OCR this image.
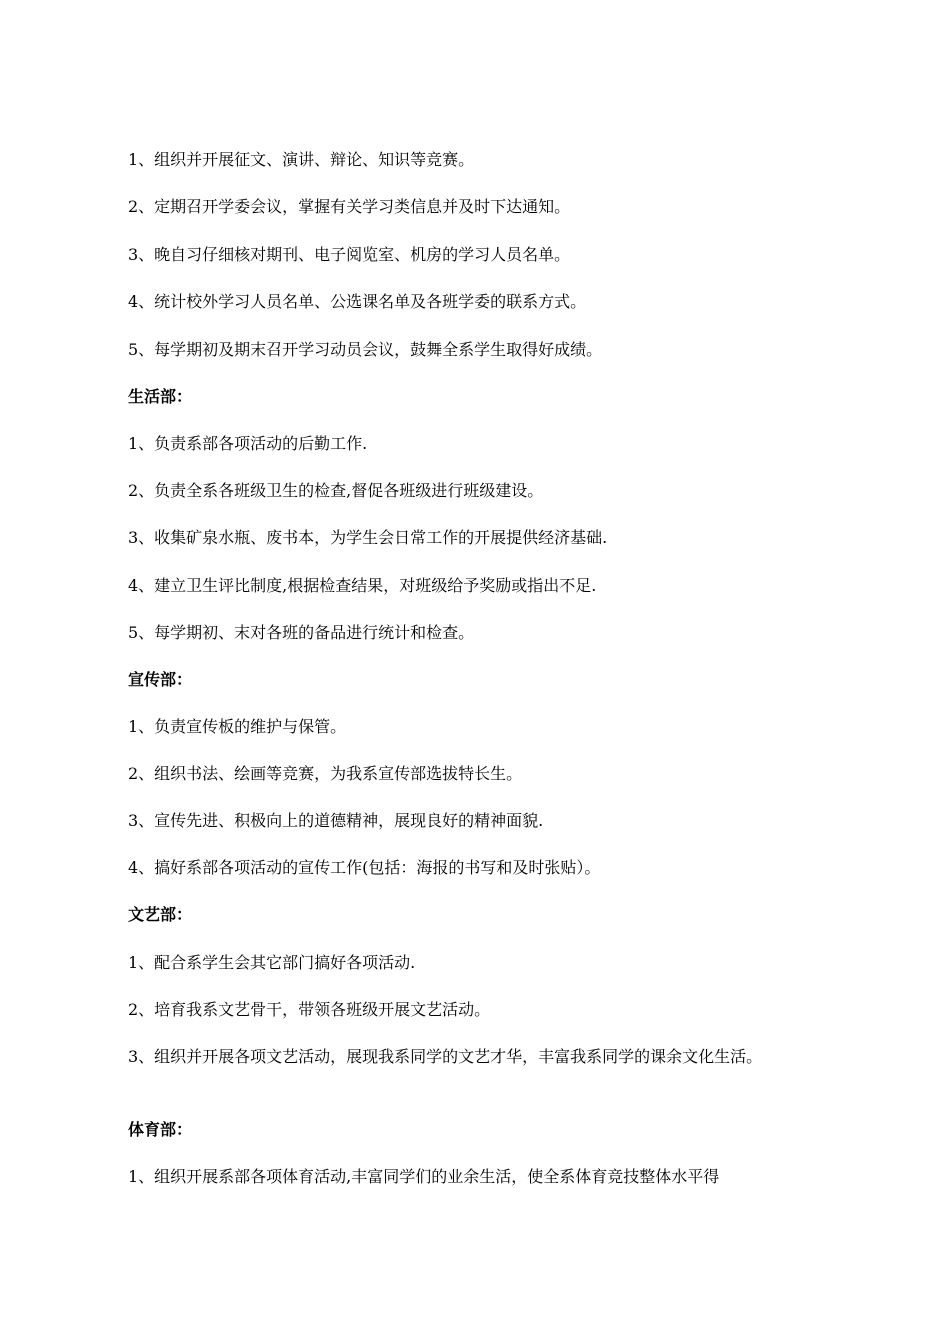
1、组织并开展征文、演讲、辩论、知识等竞赛。
2、定期召开学委会议，掌握有关学习类信息并及时下达通知。
3、晚自习仔细核对期刊、电子阅览室、机房的学习人员名单。
4、统计校外学习人员名单、公选课名单及各班学委的联系方式。
5、每学期初及期末召开学习动员会议，鼓舞全系学生取得好成绩。
生活部：
1、负责系部各项活动的后勤工作.
2、负责全系各班级卫生的检查,督促各班级进行班级建设。
3、收集矿泉水瓶、废书本，为学生会日常工作的开展提供经济基础.
4、建立卫生评比制度,根据检查结果，对班级给予奖励或指出不足.
5、每学期初、末对各班的备品进行统计和检查。
宣传部：
1、负责宣传板的维护与保管。
2、组织书法、绘画等竞赛，为我系宣传部选拔特长生。
3、宣传先进、积极向上的道德精神，展现良好的精神面貌.
4、搞好系部各项活动的宣传工作(包括：海报的书写和及时张贴）。
文艺部：
1、配合系学生会其它部门搞好各项活动.
2、培育我系文艺骨干，带领各班级开展文艺活动。
3、组织并开展各项文艺活动，展现我系同学的文艺才华，丰富我系同学的课余文化生活。
体育部：
1、组织开展系部各项体育活动,丰富同学们的业余生活，使全系体育竞技整体水平得
